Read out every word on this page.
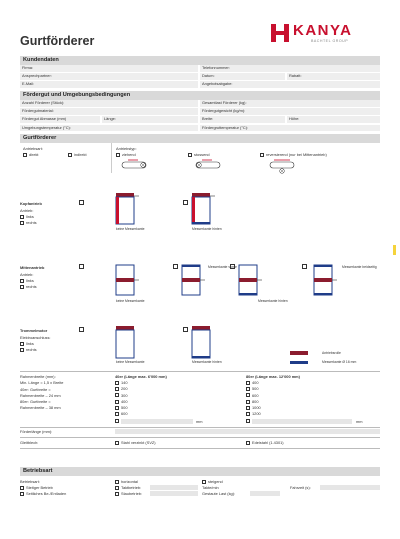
Gurtförderer
KANYA
BACHTEL GROUP
Kundendaten
Firma:	Telefonnummer:
Ansprechpartner:	Datum:	Rabatt:
E-Mail:	Angebotsabgabe:
Fördergut und Umgebungsbedingungen
Anzahl Förderer (Stück):	Gesamtlast Förderer (kg):
Fördergutmaterial:	Fördergutgewicht (kg/m):
Fördergut Abmasse (mm)	Länge:	Breite:	Höhe:
Umgebungstemperatur (°C):	Fördergruttemperatur (°C):
Gurtförderer
Antriebsart:
direkt	indirekt
Antriebstyp:
ziehend	stossend	reversierend (nur bei Mittenantrieb)
Kopfantrieb
Antrieb:
links
rechts
keine Messerkante	Messerkante hinten
Mittenantrieb
Antrieb:
links
rechts
keine Messerkante
Messerkante vorne
Messerkante hinten
Messerkante beidseitig
Trommelmotor
Elektroanschluss:
links
rechts
keine Messerkante	Messerkante hinten
Antriebsrolle
Messerkante Ø 16 mm
Rahmenbreite (mm):
Min. Länge = 1,5 x Breite
40er: Gurtbreite =
Rahmenbreite – 24 mm
80er: Gurtbreite =
Rahmenbreite – 38 mm
40er (Länge max. 6'000 mm)
140
200
300
400
500
600
mm
80er (Länge max. 12'000 mm)
400
500
600
800
1000
1200
mm
Förderlänge (mm):
Gleitblech:	Stahl verzinkt (SVZ)	Edelstahl (1.4301)
Betriebsart
Betriebsart:
Stetiger Betrieb
Seitliches Be-/Entladen
horizontal
Taktbetrieb:
Staubetrieb:
steigend
Takte/min
Gestaute Last (kg):
Fahrzeit (s):
